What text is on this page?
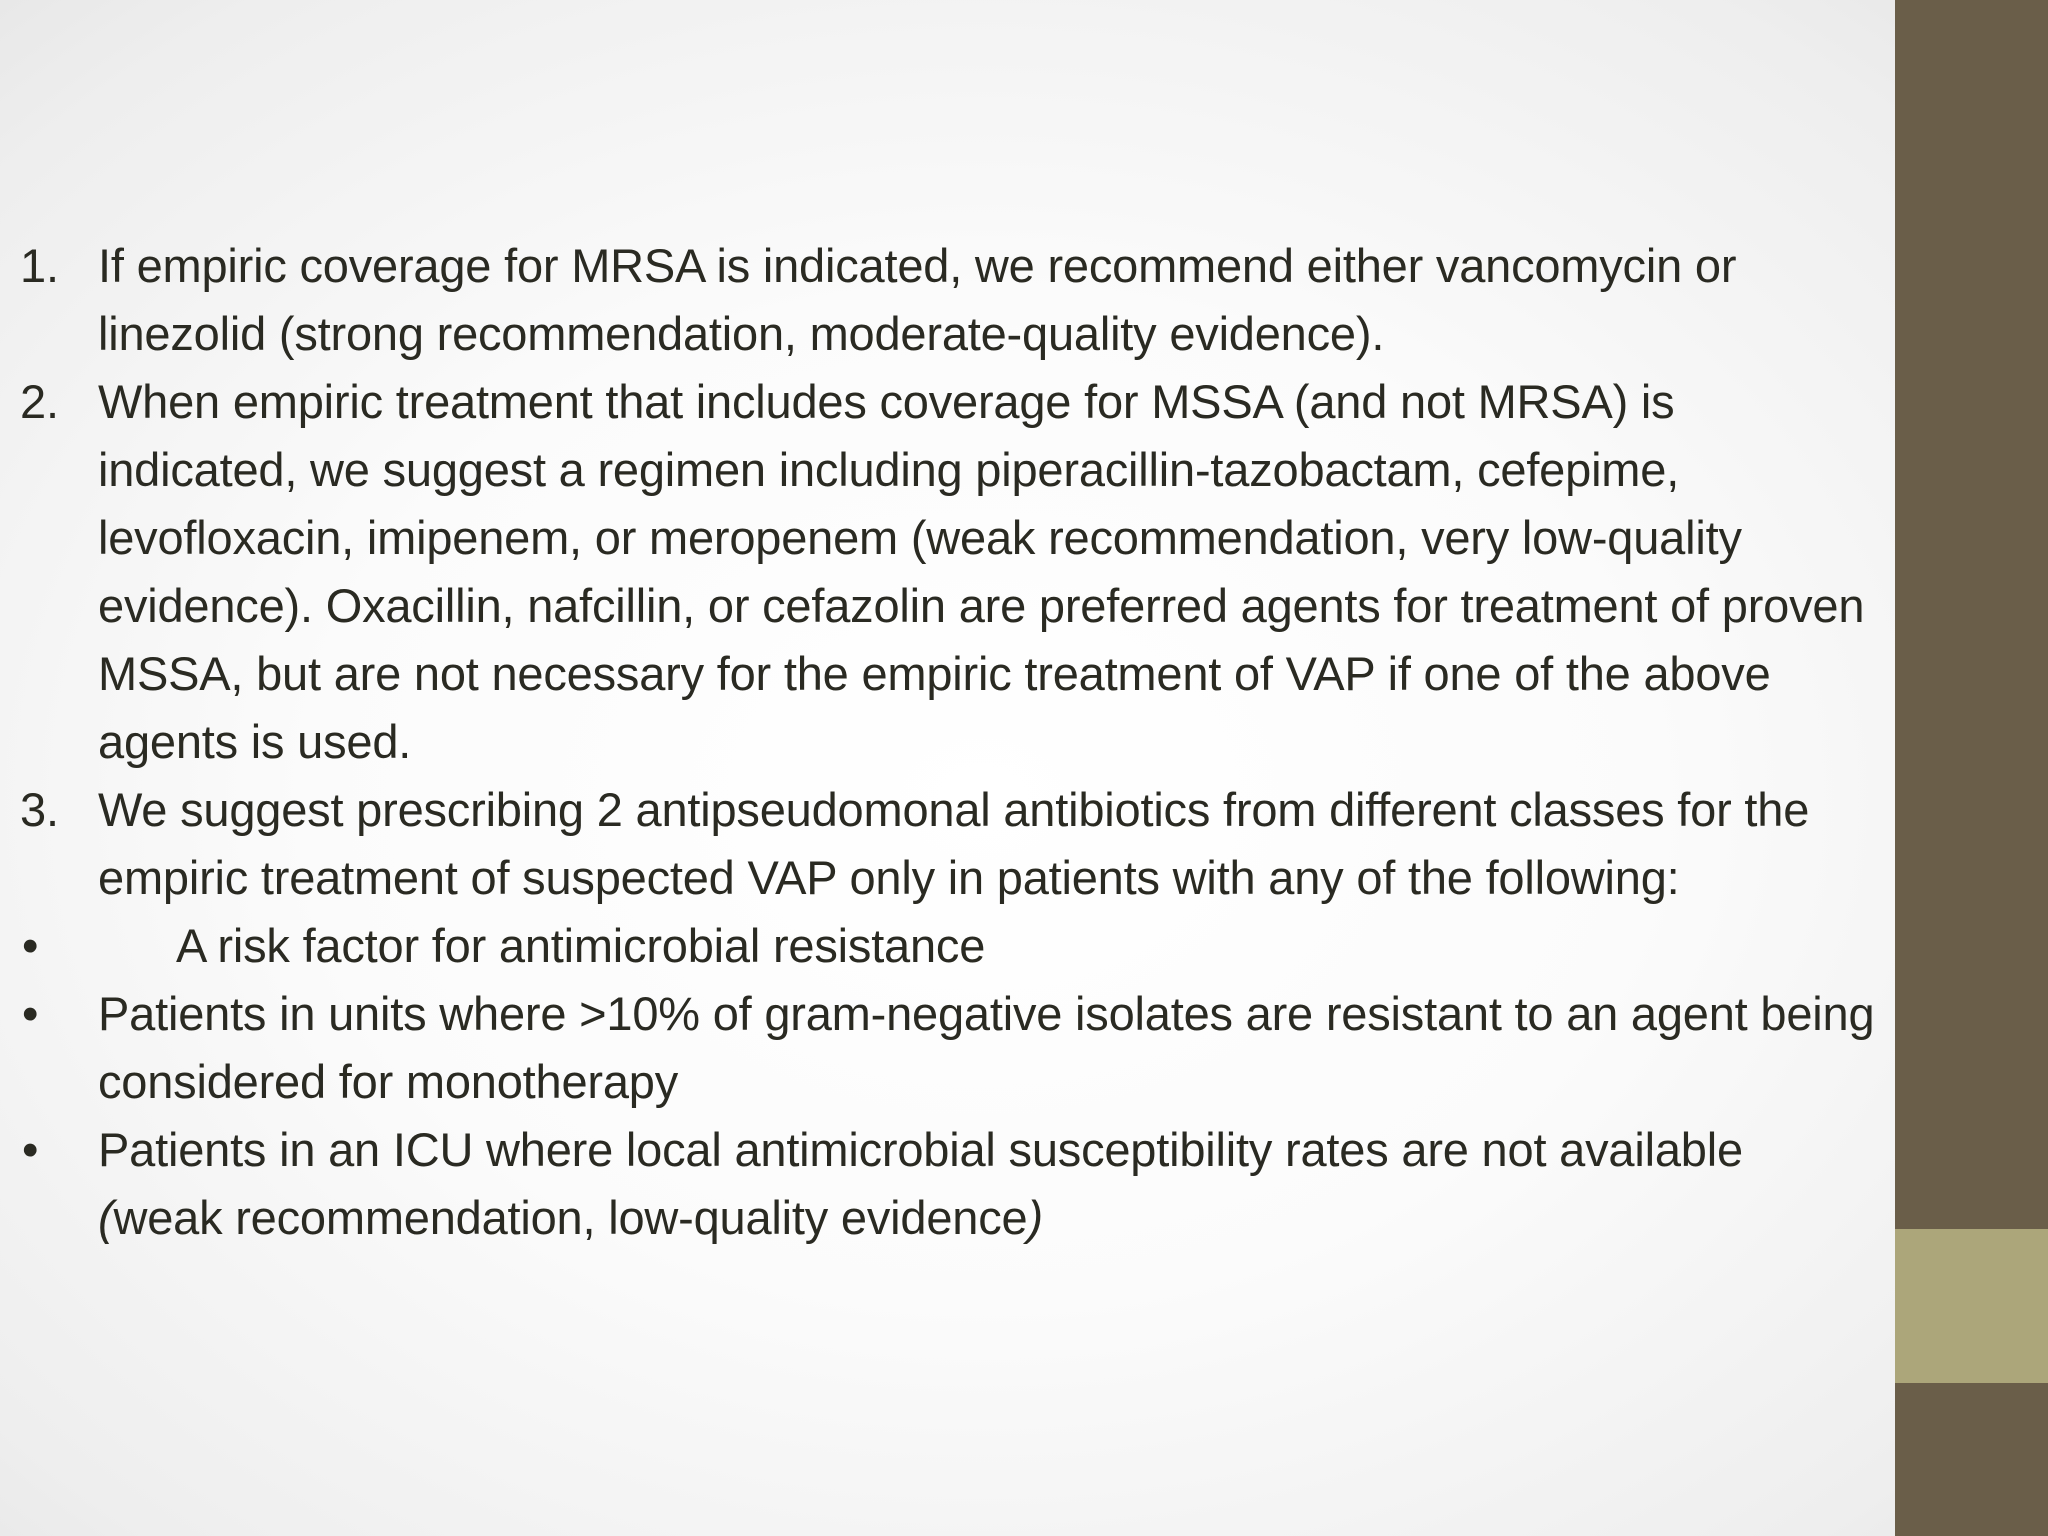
1. If empiric coverage for MRSA is indicated, we recommend either vancomycin or linezolid (strong recommendation, moderate-quality evidence).

2. When empiric treatment that includes coverage for MSSA (and not MRSA) is indicated, we suggest a regimen including piperacillin-tazobactam, cefepime, levofloxacin, imipenem, or meropenem (weak recommendation, very low-quality evidence). Oxacillin, nafcillin, or cefazolin are preferred agents for treatment of proven MSSA, but are not necessary for the empiric treatment of VAP if one of the above agents is used.

3. We suggest prescribing 2 antipseudomonal antibiotics from different classes for the empiric treatment of suspected VAP only in patients with any of the following:

•	A risk factor for antimicrobial resistance

•	Patients in units where >10% of gram-negative isolates are resistant to an agent being considered for monotherapy

•	Patients in an ICU where local antimicrobial susceptibility rates are not available (weak recommendation, low-quality evidence)
